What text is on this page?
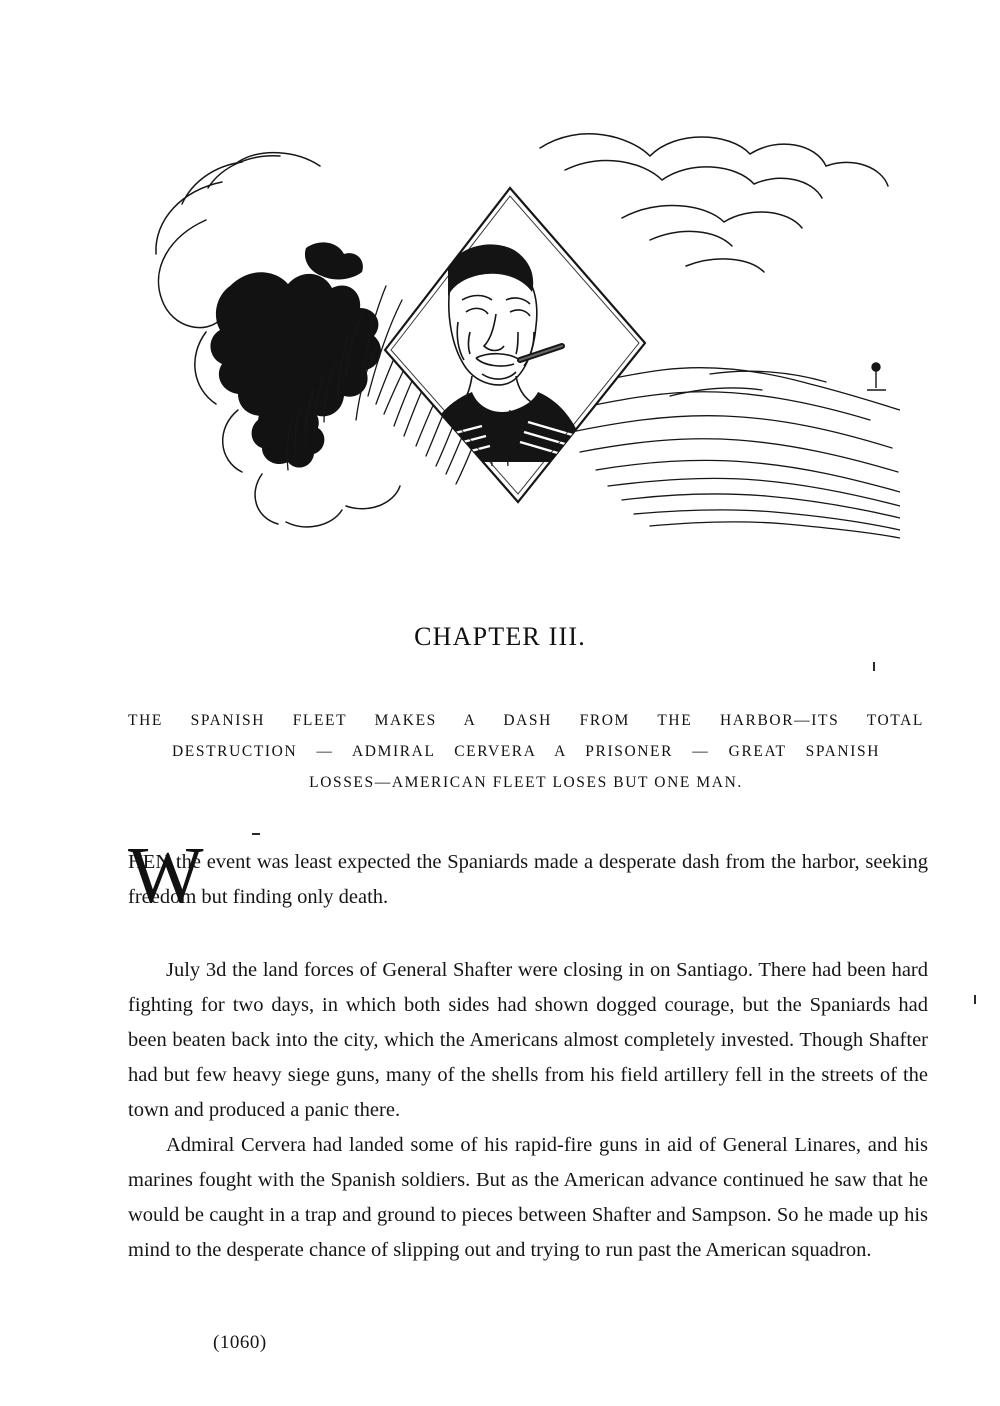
CHAPTER III.
THE SPANISH FLEET MAKES A DASH FROM THE HARBOR—ITS TOTAL
DESTRUCTION — ADMIRAL CERVERA A PRISONER — GREAT SPANISH
LOSSES—AMERICAN FLEET LOSES BUT ONE MAN.
W

HEN the event was least expected the Spaniards made a desperate dash from the harbor, seeking freedom but finding only death.

July 3d the land forces of General Shafter were closing in on Santiago. There had been hard fighting for two days, in which both sides had shown dogged courage, but the Spaniards had been beaten back into the city, which the Americans almost completely invested. Though Shafter had but few heavy siege guns, many of the shells from his field artillery fell in the streets of the town and produced a panic there.

Admiral Cervera had landed some of his rapid-fire guns in aid of General Linares, and his marines fought with the Spanish soldiers. But as the American advance continued he saw that he would be caught in a trap and ground to pieces between Shafter and Sampson. So he made up his mind to the desperate chance of slipping out and trying to run past the American squadron.

(1060)
